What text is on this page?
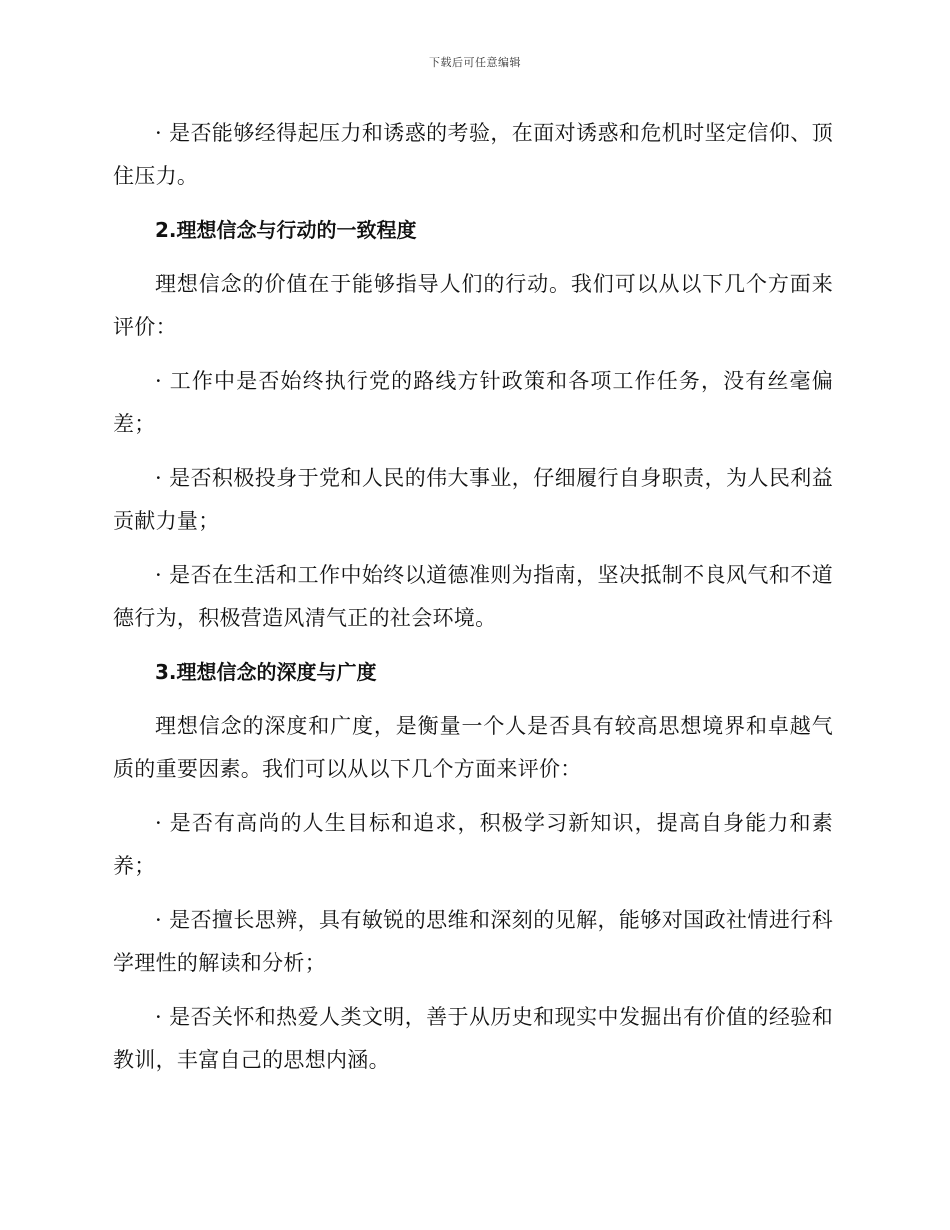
下载后可任意编辑

· 是否能够经得起压力和诱惑的考验，在面对诱惑和危机时坚定信仰、顶住压力。

2.理想信念与行动的一致程度

理想信念的价值在于能够指导人们的行动。我们可以从以下几个方面来评价：

· 工作中是否始终执行党的路线方针政策和各项工作任务，没有丝毫偏差；

· 是否积极投身于党和人民的伟大事业，仔细履行自身职责，为人民利益贡献力量；

· 是否在生活和工作中始终以道德准则为指南，坚决抵制不良风气和不道德行为，积极营造风清气正的社会环境。

3.理想信念的深度与广度

理想信念的深度和广度，是衡量一个人是否具有较高思想境界和卓越气质的重要因素。我们可以从以下几个方面来评价：

· 是否有高尚的人生目标和追求，积极学习新知识，提高自身能力和素养；

· 是否擅长思辨，具有敏锐的思维和深刻的见解，能够对国政社情进行科学理性的解读和分析；

· 是否关怀和热爱人类文明，善于从历史和现实中发掘出有价值的经验和教训，丰富自己的思想内涵。
